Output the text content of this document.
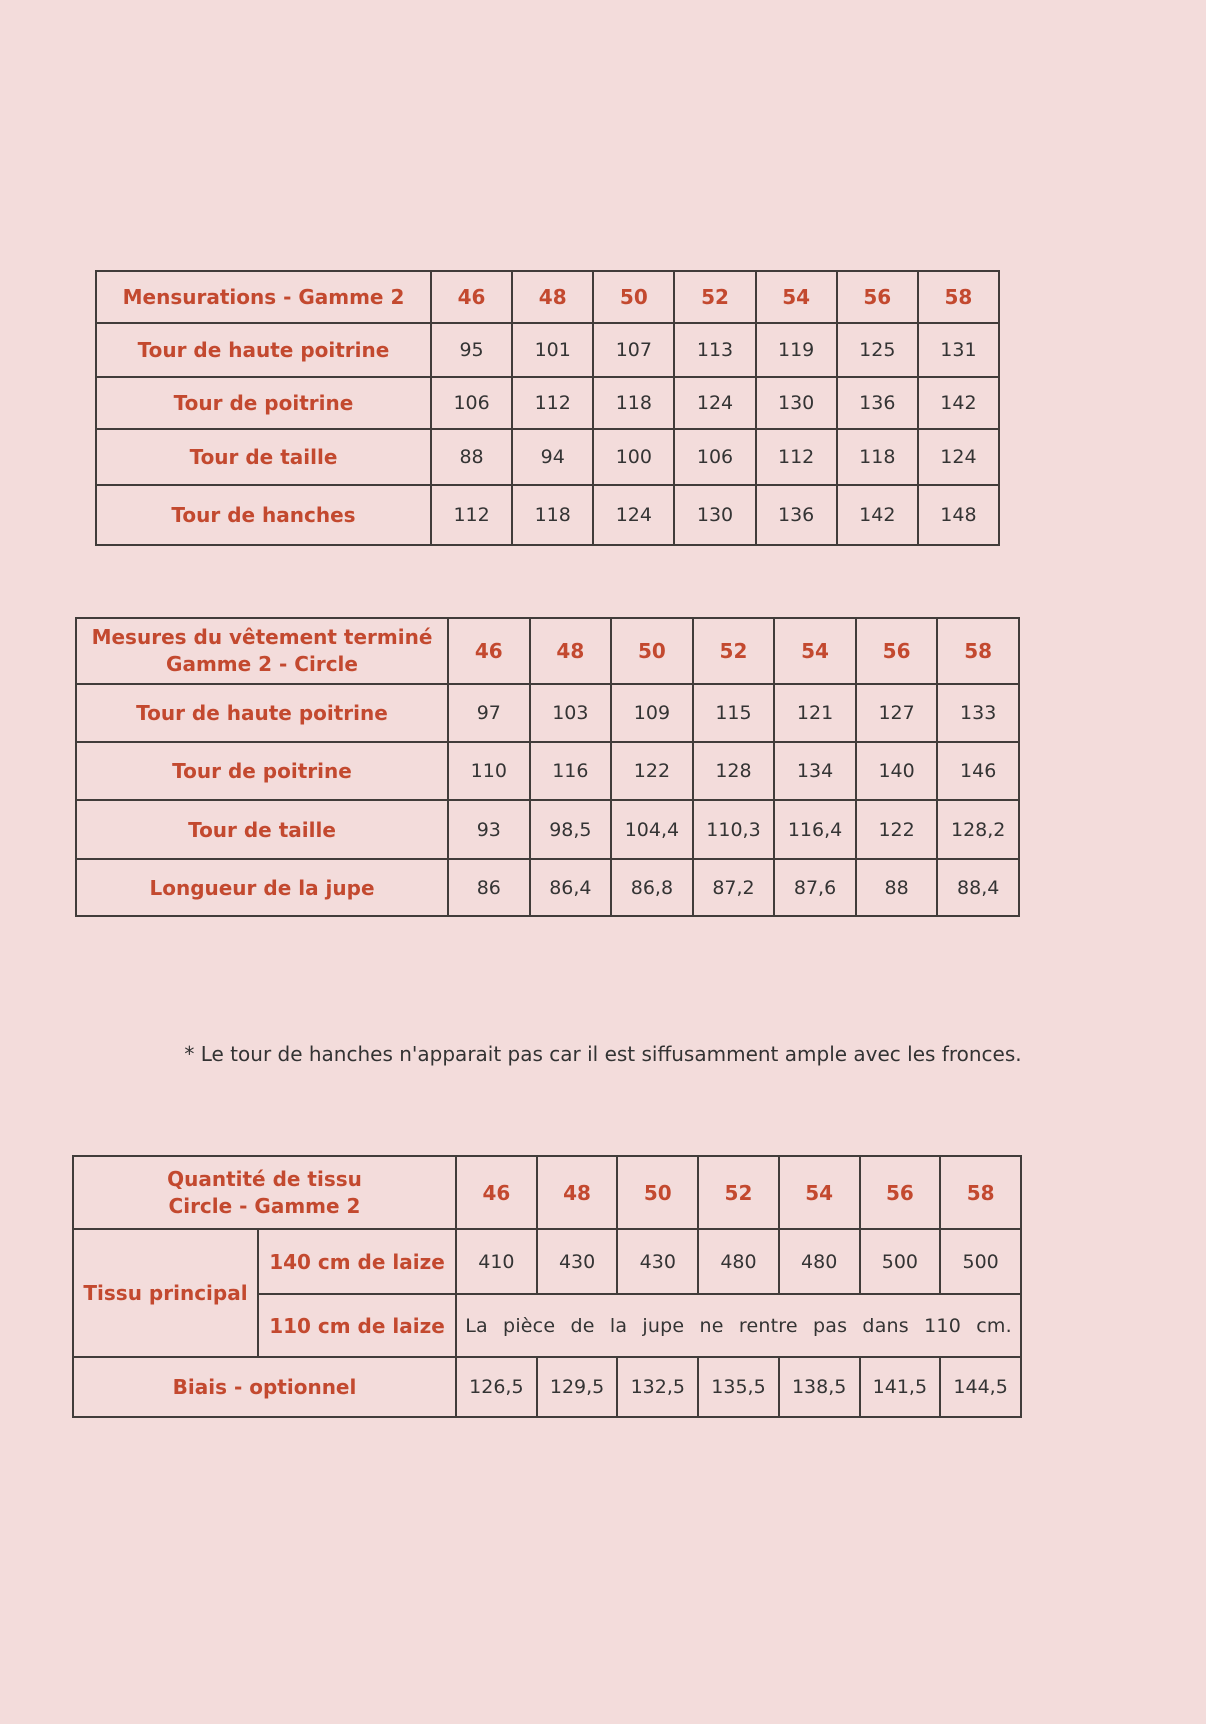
Mensurations - Gamme 2	46	48	50	52	54	56	58
Tour de haute poitrine	95	101	107	113	119	125	131
Tour de poitrine	106	112	118	124	130	136	142
Tour de taille	88	94	100	106	112	118	124
Tour de hanches	112	118	124	130	136	142	148
Mesures du vêtement terminé
Gamme 2 - Circle	46	48	50	52	54	56	58
Tour de haute poitrine	97	103	109	115	121	127	133
Tour de poitrine	110	116	122	128	134	140	146
Tour de taille	93	98,5	104,4	110,3	116,4	122	128,2
Longueur de la jupe	86	86,4	86,8	87,2	87,6	88	88,4
* Le tour de hanches n'apparait pas car il est siffusamment ample avec les fronces.
Quantité de tissu
Circle - Gamme 2		46	48	50	52	54	56	58
Tissu principal	140 cm de laize	410	430	430	480	480	500	500
	110 cm de laize	La pièce de la jupe ne rentre pas dans 110 cm.						
Biais - optionnel		126,5	129,5	132,5	135,5	138,5	141,5	144,5
